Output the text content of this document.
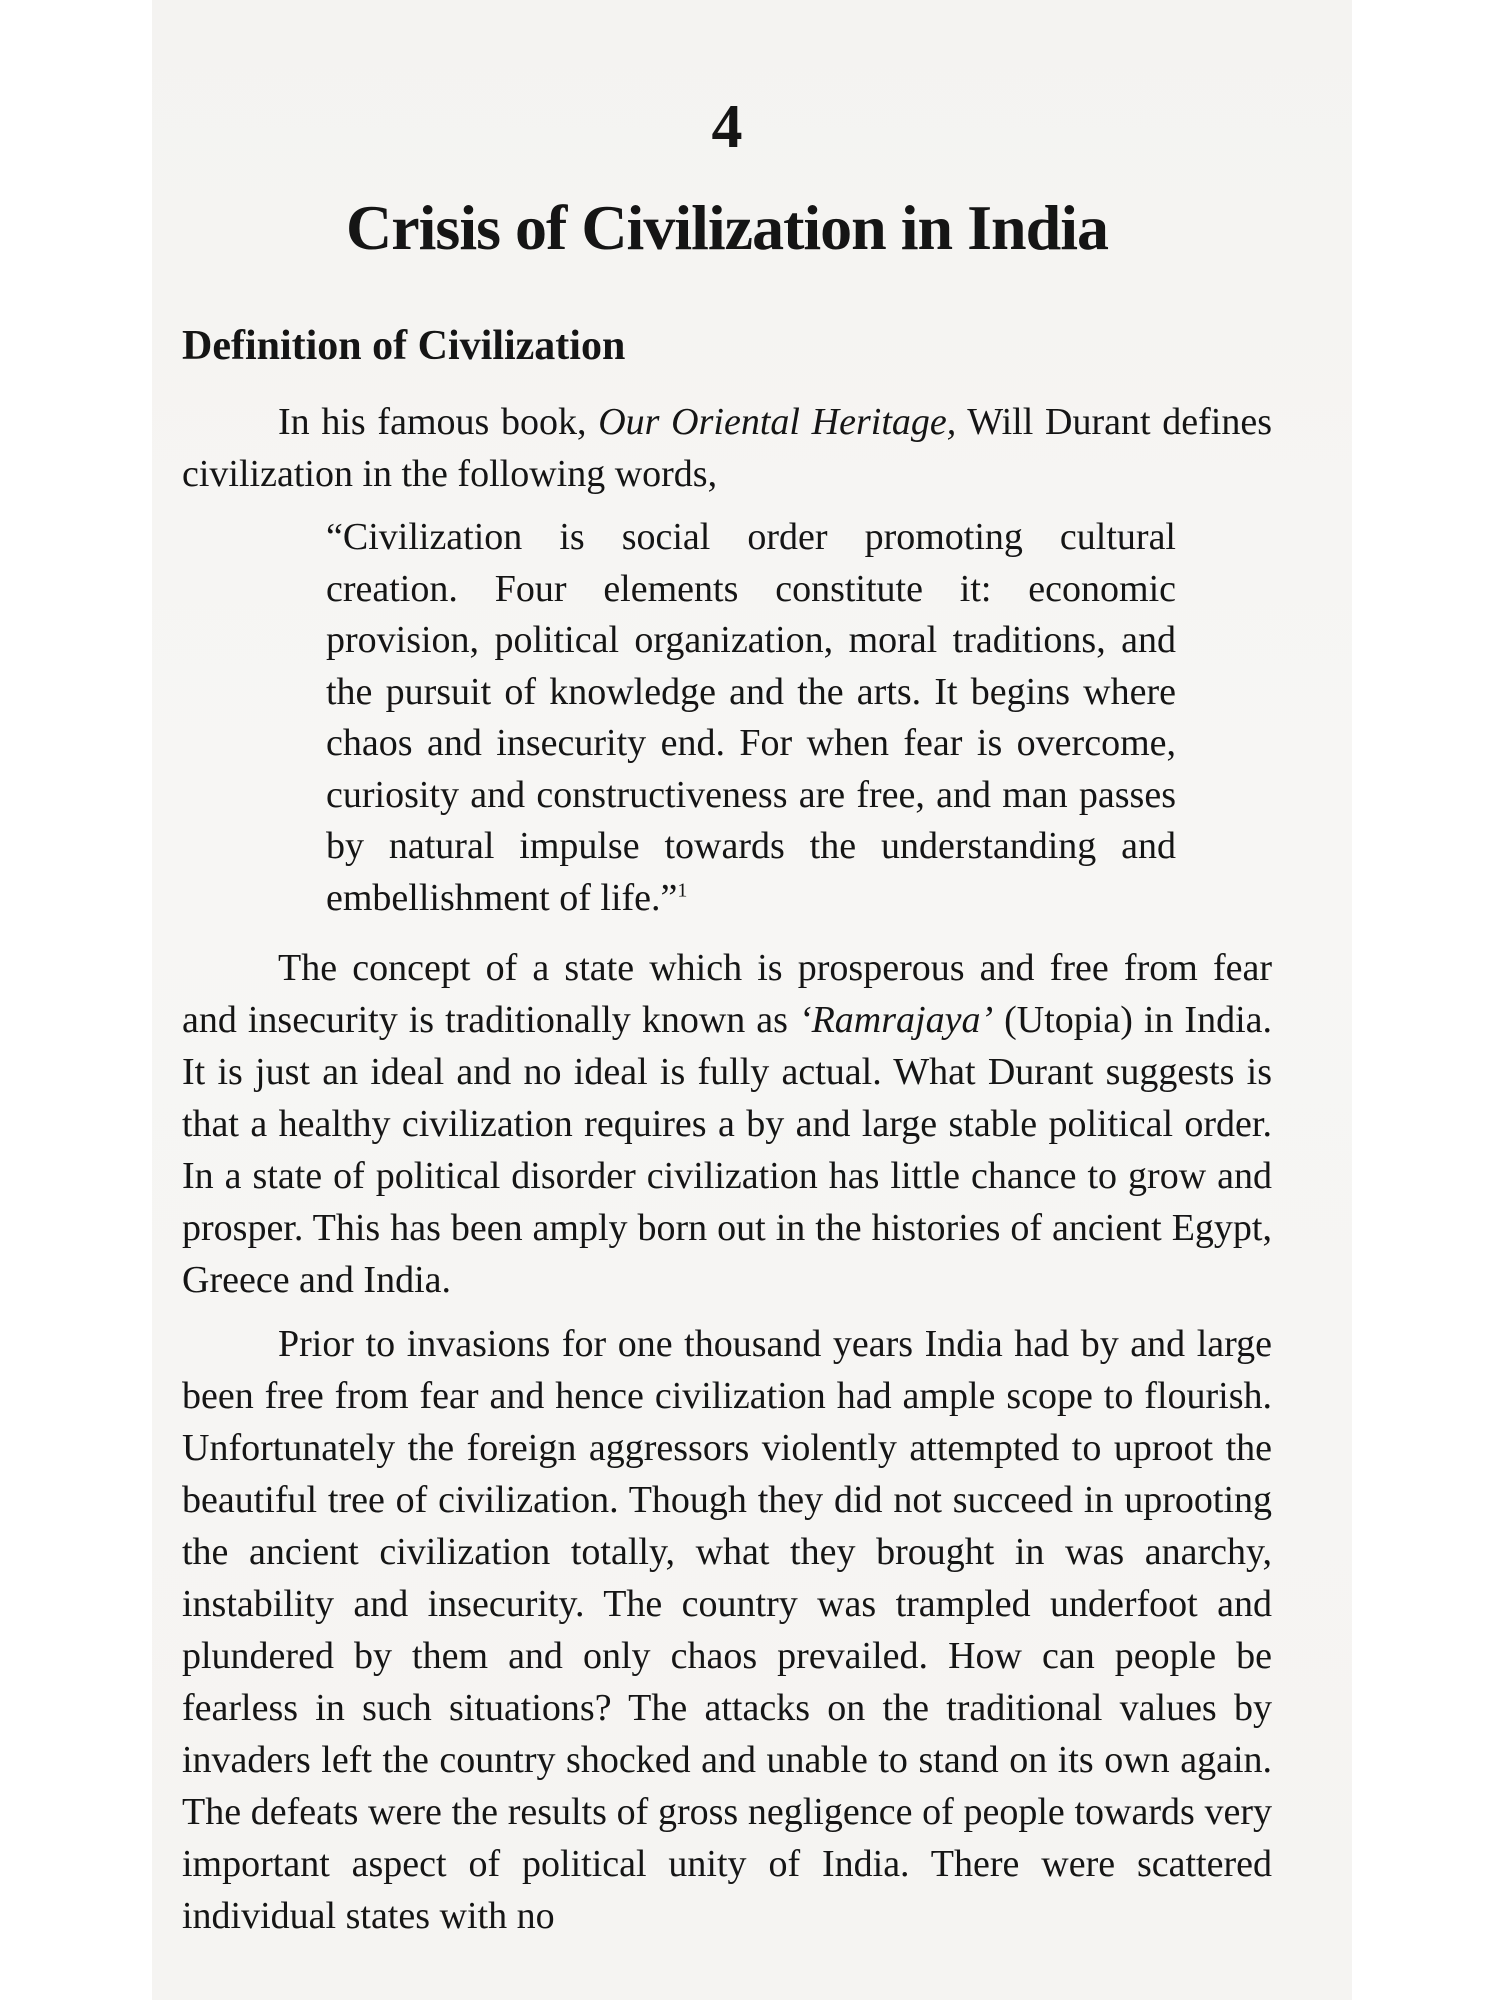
4
Crisis of Civilization in India
Definition of Civilization

In his famous book, Our Oriental Heritage, Will Durant defines civilization in the following words,

“Civilization is social order promoting cultural creation. Four elements constitute it: economic provision, political organization, moral traditions, and the pursuit of knowledge and the arts. It begins where chaos and insecurity end. For when fear is overcome, curiosity and constructiveness are free, and man passes by natural impulse towards the understanding and embellishment of life.”$^1$

The concept of a state which is prosperous and free from fear and insecurity is traditionally known as ‘Ramrajaya’ (Utopia) in India. It is just an ideal and no ideal is fully actual. What Durant suggests is that a healthy civilization requires a by and large stable political order. In a state of political disorder civilization has little chance to grow and prosper. This has been amply born out in the histories of ancient Egypt, Greece and India.

Prior to invasions for one thousand years India had by and large been free from fear and hence civilization had ample scope to flourish. Unfortunately the foreign aggressors violently attempted to uproot the beautiful tree of civilization. Though they did not succeed in uprooting the ancient civilization totally, what they brought in was anarchy, instability and insecurity. The country was trampled underfoot and plundered by them and only chaos prevailed. How can people be fearless in such situations? The attacks on the traditional values by invaders left the country shocked and unable to stand on its own again. The defeats were the results of gross negligence of people towards very important aspect of political unity of India. There were scattered individual states with no
